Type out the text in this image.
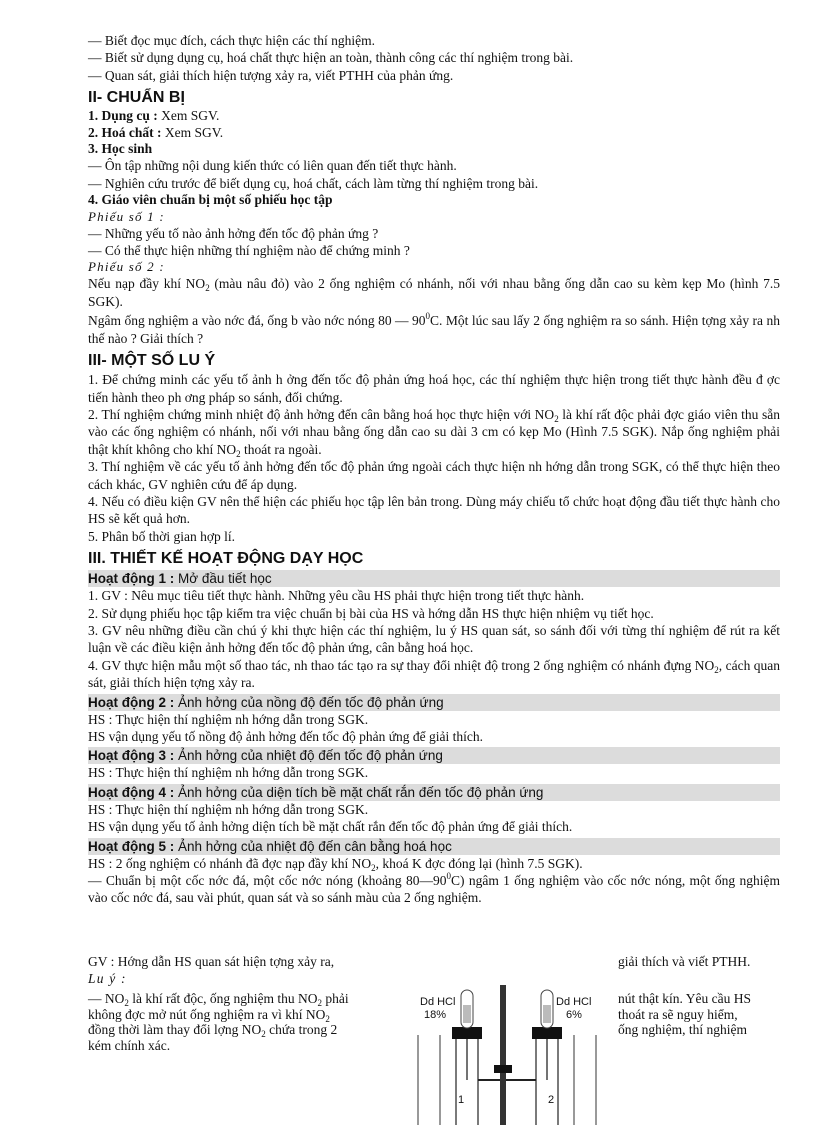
— Biết đọc mục đích, cách thực hiện các thí nghiệm.
— Biết sử dụng dụng cụ, hoá chất thực hiện an toàn, thành công các thí nghiệm trong bài.
— Quan sát, giải thích hiện tượng xảy ra, viết PTHH của phản ứng.
II- CHUẨN BỊ
1. Dụng cụ : Xem SGV.
2. Hoá chất : Xem SGV.
3. Học sinh
— Ôn tập những nội dung kiến thức có liên quan đến tiết thực hành.
— Nghiên cứu trước để biết dụng cụ, hoá chất, cách làm từng thí nghiệm trong bài.
4. Giáo viên chuẩn bị một số phiếu học tập
Phiếu số 1 :
— Những yếu tố nào ảnh hởng đến tốc độ phản ứng ?
— Có thể thực hiện những thí nghiệm nào để chứng minh ?
Phiếu số 2 :
Nếu nạp đầy khí $NO_2$ (màu nâu đỏ) vào 2 ống nghiệm có nhánh, nối với nhau bằng ống dẫn cao su kèm kẹp Mo (hình 7.5 SGK).
Ngâm ống nghiệm a vào nớc đá, ống b vào nớc nóng 80 — $90^0C$. Một lúc sau lấy 2 ống nghiệm ra so sánh. Hiện tợng xảy ra nh thế nào ? Giải thích ?
III- MỘT SỐ LU Ý
1. Để chứng minh các yếu tố ảnh h ởng đến tốc độ phản ứng hoá học, các thí nghiệm thực hiện trong tiết thực hành đều đ ợc tiến hành theo ph ơng pháp so sánh, đối chứng.
2. Thí nghiệm chứng minh nhiệt độ ảnh hởng đến cân bằng hoá học thực hiện với $NO_2$ là khí rất độc phải đợc giáo viên thu sẵn vào các ống nghiệm có nhánh, nối với nhau bằng ống dẫn cao su dài 3 cm có kẹp Mo (Hình 7.5 SGK). Nắp ống nghiệm phải thật khít không cho khí $NO_2$ thoát ra ngoài.
3. Thí nghiệm về các yếu tố ảnh hởng đến tốc độ phản ứng ngoài cách thực hiện nh hớng dẫn trong SGK, có thể thực hiện theo cách khác, GV nghiên cứu để áp dụng.
4. Nếu có điều kiện GV nên thể hiện các phiếu học tập lên bản trong. Dùng máy chiếu tổ chức hoạt động đầu tiết thực hành cho HS sẽ kết quả hơn.
5. Phân bố thời gian hợp lí.
III. THIẾT KẾ HOẠT ĐỘNG DẠY HỌC
Hoạt động 1 : Mở đầu tiết học
1. GV : Nêu mục tiêu tiết thực hành. Những yêu cầu HS phải thực hiện trong tiết thực hành.
2. Sử dụng phiếu học tập kiểm tra việc chuẩn bị bài của HS và hớng dẫn HS thực hiện nhiệm vụ tiết học.
3. GV nêu những điều cần chú ý khi thực hiện các thí nghiệm, lu ý HS quan sát, so sánh đối với từng thí nghiệm để rút ra kết luận về các điều kiện ảnh hởng đến tốc độ phản ứng, cân bằng hoá học.
4. GV thực hiện mẫu một số thao tác, nh thao tác tạo ra sự thay đổi nhiệt độ trong 2 ống nghiệm có nhánh đựng $NO_2$, cách quan sát, giải thích hiện tợng xảy ra.
Hoạt động 2 : Ảnh hởng của nồng độ đến tốc độ phản ứng
HS : Thực hiện thí nghiệm nh hớng dẫn trong SGK.
HS vận dụng yếu tố nồng độ ảnh hởng đến tốc độ phản ứng để giải thích.
Hoạt động 3 : Ảnh hởng của nhiệt độ đến tốc độ phản ứng
HS : Thực hiện thí nghiệm nh hớng dẫn trong SGK.
Hoạt động 4 : Ảnh hởng của diện tích bề mặt chất rắn đến tốc độ phản ứng
HS : Thực hiện thí nghiệm nh hớng dẫn trong SGK.
HS vận dụng yếu tố ảnh hởng diện tích bề mặt chất rắn đến tốc độ phản ứng để giải thích.
Hoạt động 5 : Ảnh hởng của nhiệt độ đến cân bằng hoá học
HS : 2 ống nghiệm có nhánh đã đợc nạp đầy khí $NO_2$, khoá K đợc đóng lại (hình 7.5 SGK).
— Chuẩn bị một cốc nớc đá, một cốc nớc nóng (khoảng $80—90^0C$) ngâm 1 ống nghiệm vào cốc nớc nóng, một ống nghiệm vào cốc nớc đá, sau vài phút, quan sát và so sánh màu của 2 ống nghiệm.
GV : Hớng dẫn HS quan sát hiện tợng xảy ra,	giải thích và viết PTHH.
Lu ý :
— $NO_2$ là khí rất độc, ống nghiệm thu $NO_2$ phải
không đợc mở nút ống nghiệm ra vì khí $NO_2$
đồng thời làm thay đổi lợng $NO_2$ chứa trong 2
kém chính xác.
nút thật kín. Yêu cầu HS
thoát ra sẽ nguy hiểm,
ống nghiệm, thí nghiệm
Dd HCl
18%
Dd HCl
6%
1	2
